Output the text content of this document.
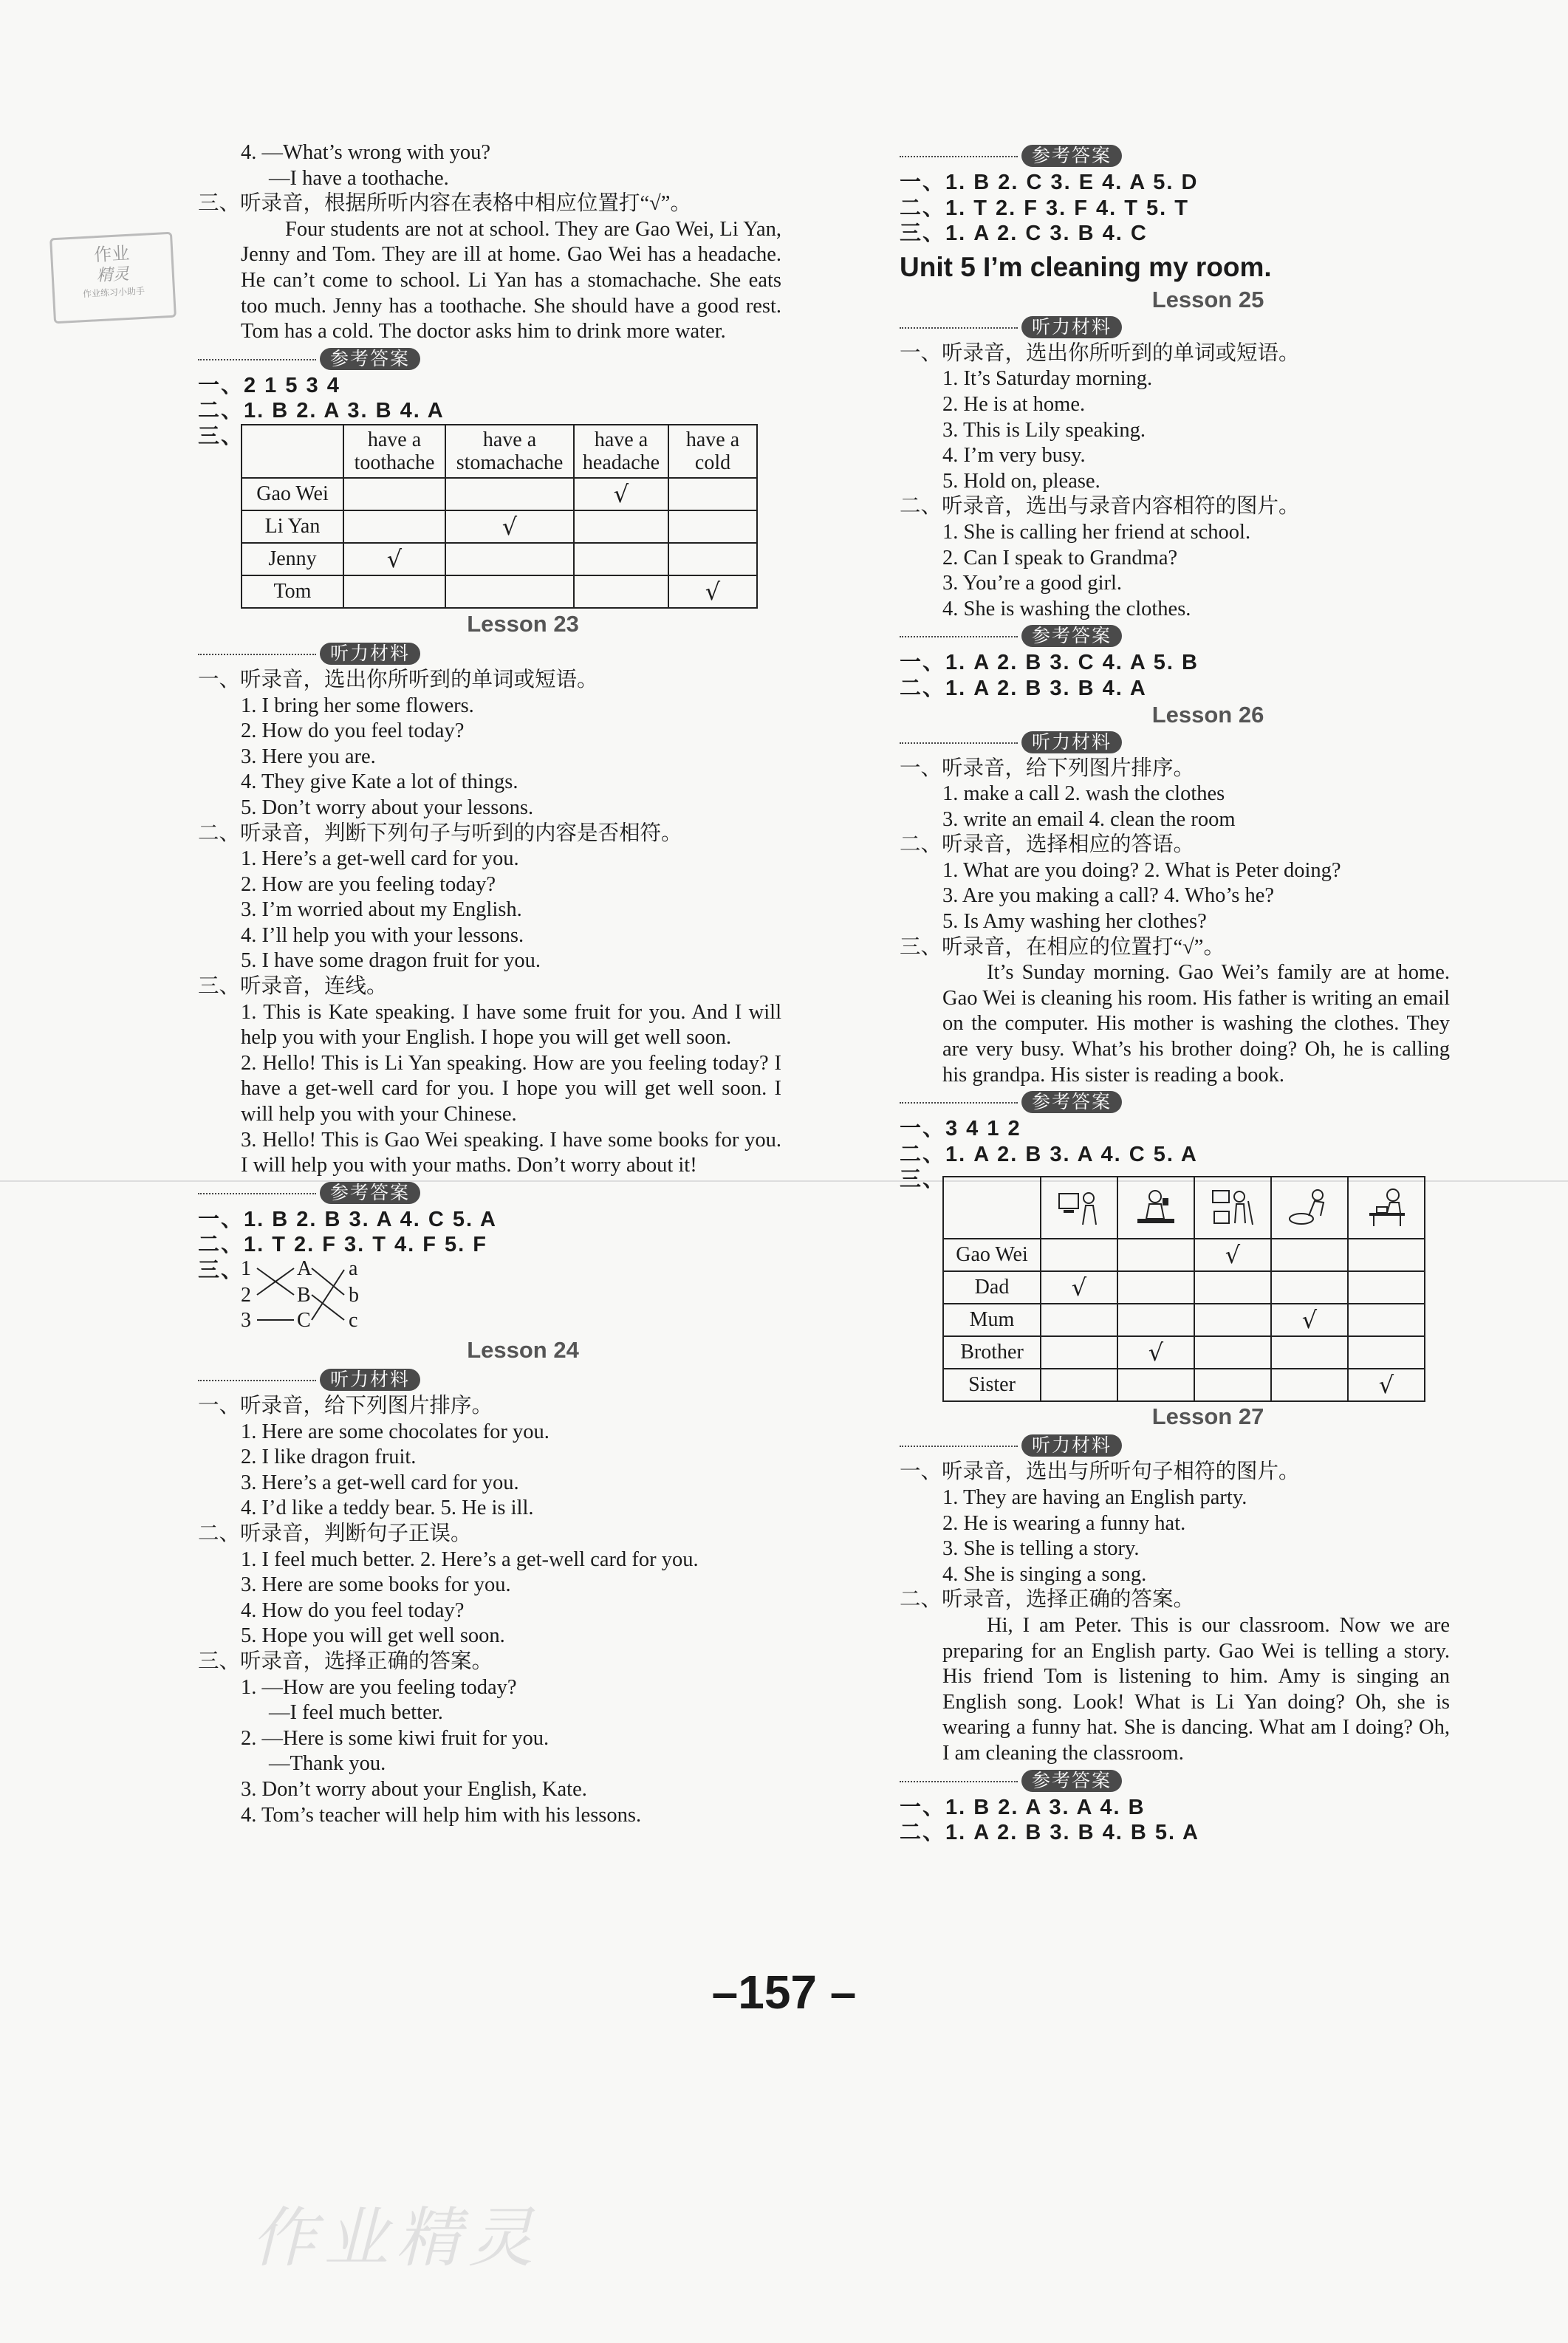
作业
精灵
作业练习小助手
4. —What’s wrong with you?
—I have a toothache.
三、听录音，根据所听内容在表格中相应位置打“√”。
Four students are not at school. They are Gao Wei, Li Yan, Jenny and Tom. They are ill at home. Gao Wei has a headache. He can’t come to school. Li Yan has a stomachache. She eats too much. Jenny has a toothache. She should have a good rest. Tom has a cold. The doctor asks him to drink more water.
参考答案
一、2 1 5 3 4
二、1. B 2. A 3. B 4. A
三、
		have a toothache	have a stomachache	have a headache	have a cold
Gao Wei			√	
Li Yan		√		
Jenny	√			
Tom				√
Lesson 23
听力材料
一、听录音，选出你所听到的单词或短语。
1. I bring her some flowers.
2. How do you feel today?
3. Here you are.
4. They give Kate a lot of things.
5. Don’t worry about your lessons.
二、听录音，判断下列句子与听到的内容是否相符。
1. Here’s a get-well card for you.
2. How are you feeling today?
3. I’m worried about my English.
4. I’ll help you with your lessons.
5. I have some dragon fruit for you.
三、听录音，连线。
1. This is Kate speaking. I have some fruit for you. And I will help you with your English. I hope you will get well soon.
2. Hello! This is Li Yan speaking. How are you feeling today? I have a get-well card for you. I hope you will get well soon. I will help you with your Chinese.
3. Hello! This is Gao Wei speaking. I have some books for you. I will help you with your maths. Don’t worry about it!
参考答案
一、1. B 2. B 3. A 4. C 5. A
二、1. T 2. F 3. T 4. F 5. F
三、
1
2
3
A
B
C
a
b
c
Lesson 24
听力材料
一、听录音，给下列图片排序。
1. Here are some chocolates for you.
2. I like dragon fruit.
3. Here’s a get-well card for you.
4. I’d like a teddy bear. 5. He is ill.
二、听录音，判断句子正误。
1. I feel much better. 2. Here’s a get-well card for you.
3. Here are some books for you.
4. How do you feel today?
5. Hope you will get well soon.
三、听录音，选择正确的答案。
1. —How are you feeling today?
—I feel much better.
2. —Here is some kiwi fruit for you.
—Thank you.
3. Don’t worry about your English, Kate.
4. Tom’s teacher will help him with his lessons.
参考答案
一、1. B 2. C 3. E 4. A 5. D
二、1. T 2. F 3. F 4. T 5. T
三、1. A 2. C 3. B 4. C
Unit 5 I’m cleaning my room.
Lesson 25
听力材料
一、听录音，选出你所听到的单词或短语。
1. It’s Saturday morning.
2. He is at home.
3. This is Lily speaking.
4. I’m very busy.
5. Hold on, please.
二、听录音，选出与录音内容相符的图片。
1. She is calling her friend at school.
2. Can I speak to Grandma?
3. You’re a good girl.
4. She is washing the clothes.
参考答案
一、1. A 2. B 3. C 4. A 5. B
二、1. A 2. B 3. B 4. A
Lesson 26
听力材料
一、听录音，给下列图片排序。
1. make a call 2. wash the clothes
3. write an email 4. clean the room
二、听录音，选择相应的答语。
1. What are you doing? 2. What is Peter doing?
3. Are you making a call? 4. Who’s he?
5. Is Amy washing her clothes?
三、听录音，在相应的位置打“√”。
It’s Sunday morning. Gao Wei’s family are at home. Gao Wei is cleaning his room. His father is writing an email on the computer. His mother is washing the clothes. They are very busy. What’s his brother doing? Oh, he is calling his grandpa. His sister is reading a book.
参考答案
一、3 4 1 2
二、1. A 2. B 3. A 4. C 5. A
三、

Gao Wei			√		
Dad	√				
Mum				√	
Brother		√			
Sister					√
Lesson 27
听力材料
一、听录音，选出与所听句子相符的图片。
1. They are having an English party.
2. He is wearing a funny hat.
3. She is telling a story.
4. She is singing a song.
二、听录音，选择正确的答案。
Hi, I am Peter. This is our classroom. Now we are preparing for an English party. Gao Wei is telling a story. His friend Tom is listening to him. Amy is singing an English song. Look! What is Li Yan doing? Oh, she is wearing a funny hat. She is dancing. What am I doing? Oh, I am cleaning the classroom.
参考答案
一、1. B 2. A 3. A 4. B
二、1. A 2. B 3. B 4. B 5. A
–157 –
作业精灵
